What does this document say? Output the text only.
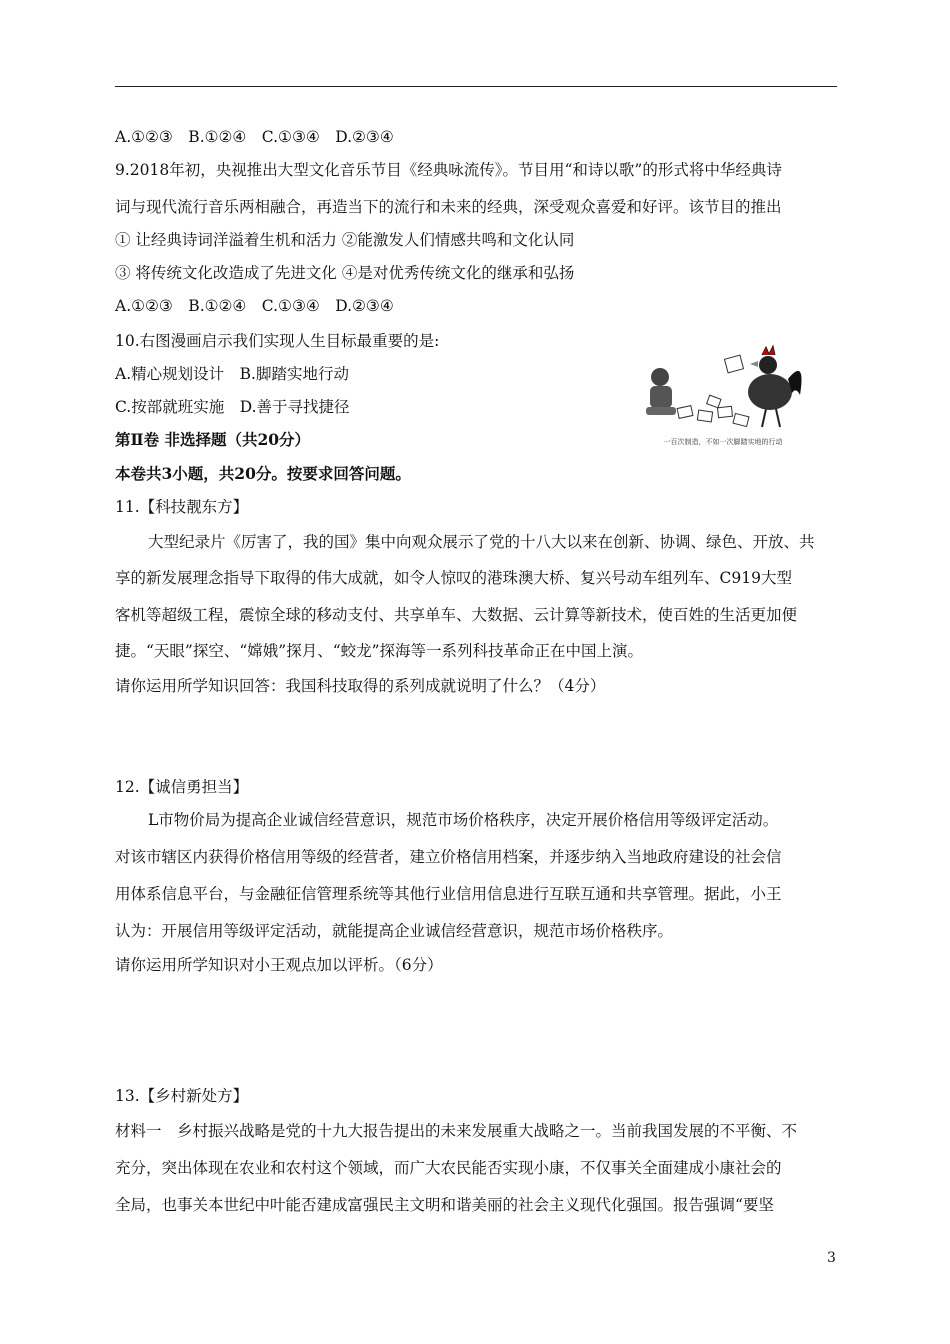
A.①②③　B.①②④　C.①③④　D.②③④
9.2018年初，央视推出大型文化音乐节目《经典咏流传》。节目用“和诗以歌”的形式将中华经典诗
词与现代流行音乐两相融合，再造当下的流行和未来的经典，深受观众喜爱和好评。该节目的推出
① 让经典诗词洋溢着生机和活力 ②能激发人们情感共鸣和文化认同
③ 将传统文化改造成了先进文化 ④是对优秀传统文化的继承和弘扬
A.①②③　B.①②④　C.①③④　D.②③④
10.右图漫画启示我们实现人生目标最重要的是:
A.精心规划设计　B.脚踏实地行动
C.按部就班实施　D.善于寻找捷径
一百次制造，不如一次脚踏实地的行动
第Ⅱ卷 非选择题（共20分）
本卷共3小题，共20分。按要求回答问题。
11.【科技靓东方】
大型纪录片《厉害了，我的国》集中向观众展示了党的十八大以来在创新、协调、绿色、开放、共
享的新发展理念指导下取得的伟大成就，如令人惊叹的港珠澳大桥、复兴号动车组列车、C919大型
客机等超级工程，震惊全球的移动支付、共享单车、大数据、云计算等新技术，使百姓的生活更加便
捷。“天眼”探空、“嫦娥”探月、“蛟龙”探海等一系列科技革命正在中国上演。
请你运用所学知识回答：我国科技取得的系列成就说明了什么？（4分）
12.【诚信勇担当】
L市物价局为提高企业诚信经营意识，规范市场价格秩序，决定开展价格信用等级评定活动。
对该市辖区内获得价格信用等级的经营者，建立价格信用档案，并逐步纳入当地政府建设的社会信
用体系信息平台，与金融征信管理系统等其他行业信用信息进行互联互通和共享管理。据此，小王
认为：开展信用等级评定活动，就能提高企业诚信经营意识，规范市场价格秩序。
请你运用所学知识对小王观点加以评析。（6分）
13.【乡村新处方】
材料一　乡村振兴战略是党的十九大报告提出的未来发展重大战略之一。当前我国发展的不平衡、不
充分，突出体现在农业和农村这个领域，而广大农民能否实现小康，不仅事关全面建成小康社会的
全局，也事关本世纪中叶能否建成富强民主文明和谐美丽的社会主义现代化强国。报告强调“要坚
3
